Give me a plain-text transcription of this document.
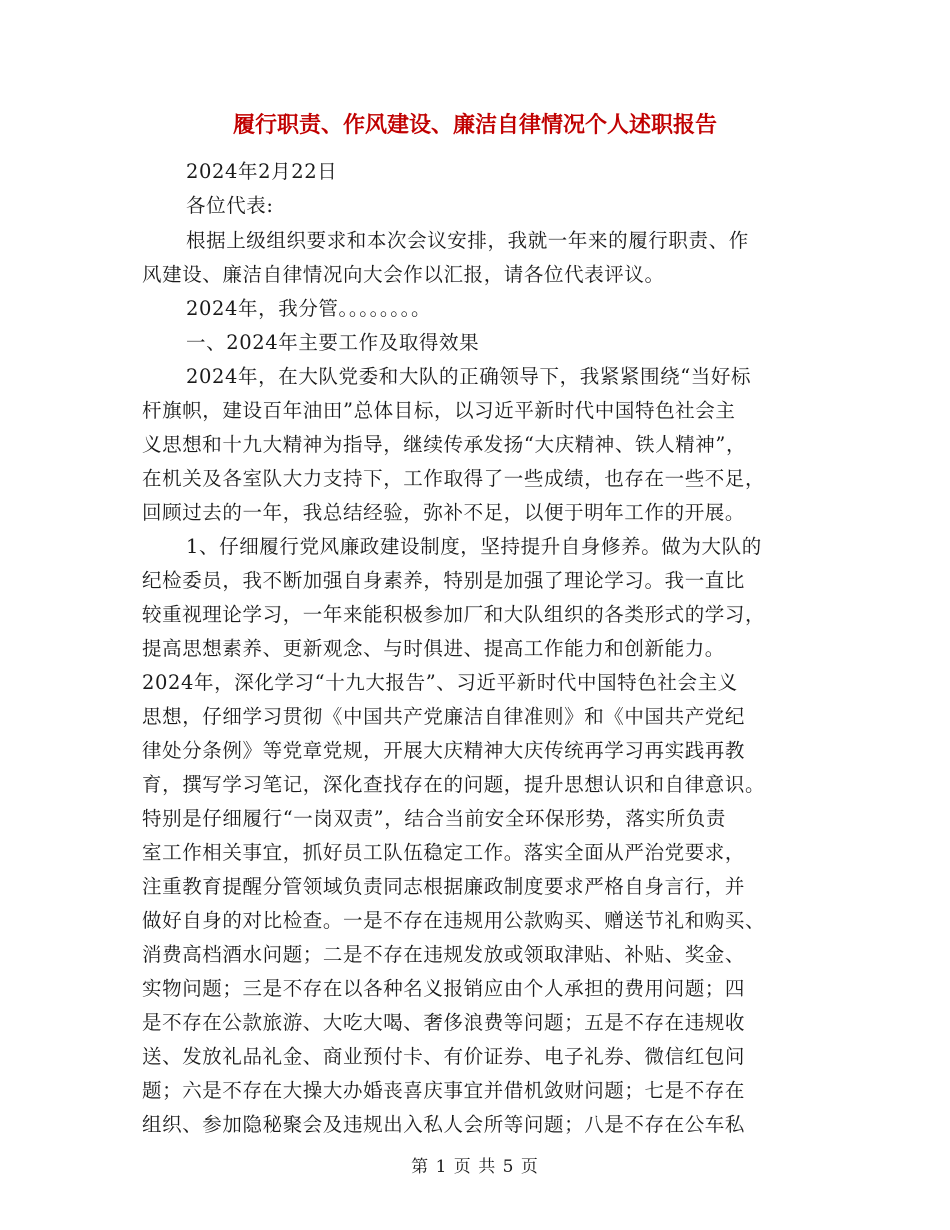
履行职责、作风建设、廉洁自律情况个人述职报告
2024年2月22日
各位代表:
根据上级组织要求和本次会议安排，我就一年来的履行职责、作
风建设、廉洁自律情况向大会作以汇报，请各位代表评议。
2024年，我分管。。。。。。。。
一、2024年主要工作及取得效果
2024年，在大队党委和大队的正确领导下，我紧紧围绕“当好标
杆旗帜，建设百年油田”总体目标，以习近平新时代中国特色社会主
义思想和十九大精神为指导，继续传承发扬“大庆精神、铁人精神”，
在机关及各室队大力支持下，工作取得了一些成绩，也存在一些不足，
回顾过去的一年，我总结经验，弥补不足，以便于明年工作的开展。
1、仔细履行党风廉政建设制度，坚持提升自身修养。做为大队的
纪检委员，我不断加强自身素养，特别是加强了理论学习。我一直比
较重视理论学习，一年来能积极参加厂和大队组织的各类形式的学习，
提高思想素养、更新观念、与时俱进、提高工作能力和创新能力。
2024年，深化学习“十九大报告”、习近平新时代中国特色社会主义
思想，仔细学习贯彻《中国共产党廉洁自律准则》和《中国共产党纪
律处分条例》等党章党规，开展大庆精神大庆传统再学习再实践再教
育，撰写学习笔记，深化查找存在的问题，提升思想认识和自律意识。
特别是仔细履行“一岗双责”，结合当前安全环保形势，落实所负责
室工作相关事宜，抓好员工队伍稳定工作。落实全面从严治党要求，
注重教育提醒分管领域负责同志根据廉政制度要求严格自身言行，并
做好自身的对比检查。一是不存在违规用公款购买、赠送节礼和购买、
消费高档酒水问题；二是不存在违规发放或领取津贴、补贴、奖金、
实物问题；三是不存在以各种名义报销应由个人承担的费用问题；四
是不存在公款旅游、大吃大喝、奢侈浪费等问题；五是不存在违规收
送、发放礼品礼金、商业预付卡、有价证券、电子礼券、微信红包问
题；六是不存在大操大办婚丧喜庆事宜并借机敛财问题；七是不存在
组织、参加隐秘聚会及违规出入私人会所等问题；八是不存在公车私
第 1 页 共 5 页
